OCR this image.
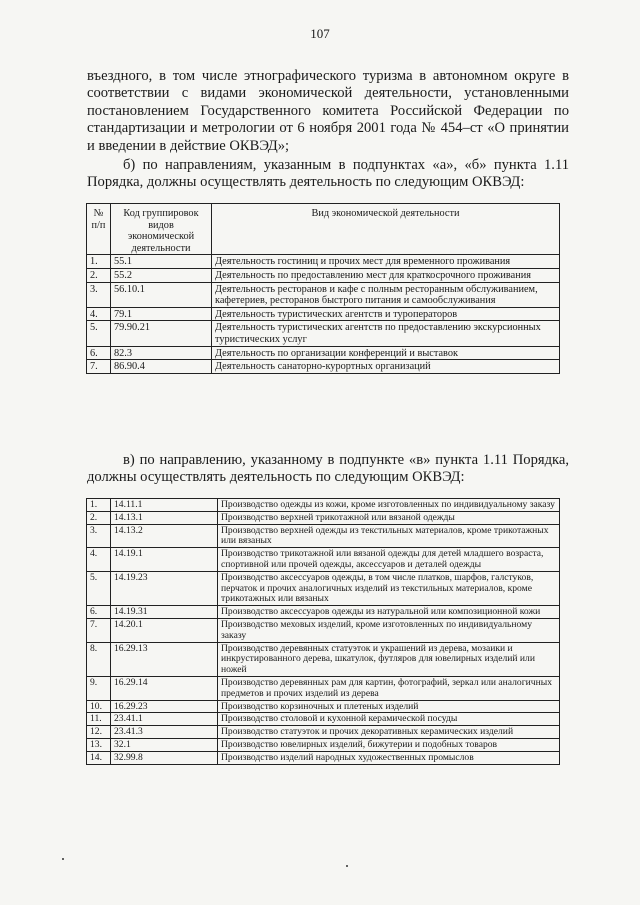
107

въездного, в том числе этнографического туризма в автономном округе в соответствии с видами экономической деятельности, установленными постановлением Государственного комитета Российской Федерации по стандартизации и метрологии от 6 ноября 2001 года № 454–ст «О принятии и введении в действие ОКВЭД»;

б) по направлениям, указанным в подпунктах «а», «б» пункта 1.11 Порядка, должны осуществлять деятельность по следующим ОКВЭД:

№ п/п	Код группировок видов экономической деятельности	Вид экономической деятельности
1.	55.1	Деятельность гостиниц и прочих мест для временного проживания
2.	55.2	Деятельность по предоставлению мест для краткосрочного проживания
3.	56.10.1	Деятельность ресторанов и кафе с полным ресторанным обслуживанием, кафетериев, ресторанов быстрого питания и самообслуживания
4.	79.1	Деятельность туристических агентств и туроператоров
5.	79.90.21	Деятельность туристических агентств по предоставлению экскурсионных туристических услуг
6.	82.3	Деятельность по организации конференций и выставок
7.	86.90.4	Деятельность санаторно-курортных организаций

в) по направлению, указанному в подпункте «в» пункта 1.11 Порядка, должны осуществлять деятельность по следующим ОКВЭД:

1.	14.11.1	Производство одежды из кожи, кроме изготовленных по индивидуальному заказу
2.	14.13.1	Производство верхней трикотажной или вязаной одежды
3.	14.13.2	Производство верхней одежды из текстильных материалов, кроме трикотажных или вязаных
4.	14.19.1	Производство трикотажной или вязаной одежды для детей младшего возраста, спортивной или прочей одежды, аксессуаров и деталей одежды
5.	14.19.23	Производство аксессуаров одежды, в том числе платков, шарфов, галстуков, перчаток и прочих аналогичных изделий из текстильных материалов, кроме трикотажных или вязаных
6.	14.19.31	Производство аксессуаров одежды из натуральной или композиционной кожи
7.	14.20.1	Производство меховых изделий, кроме изготовленных по индивидуальному заказу
8.	16.29.13	Производство деревянных статуэток и украшений из дерева, мозаики и инкрустированного дерева, шкатулок, футляров для ювелирных изделий или ножей
9.	16.29.14	Производство деревянных рам для картин, фотографий, зеркал или аналогичных предметов и прочих изделий из дерева
10.	16.29.23	Производство корзиночных и плетеных изделий
11.	23.41.1	Производство столовой и кухонной керамической посуды
12.	23.41.3	Производство статуэток и прочих декоративных керамических изделий
13.	32.1	Производство ювелирных изделий, бижутерии и подобных товаров
14.	32.99.8	Производство изделий народных художественных промыслов
